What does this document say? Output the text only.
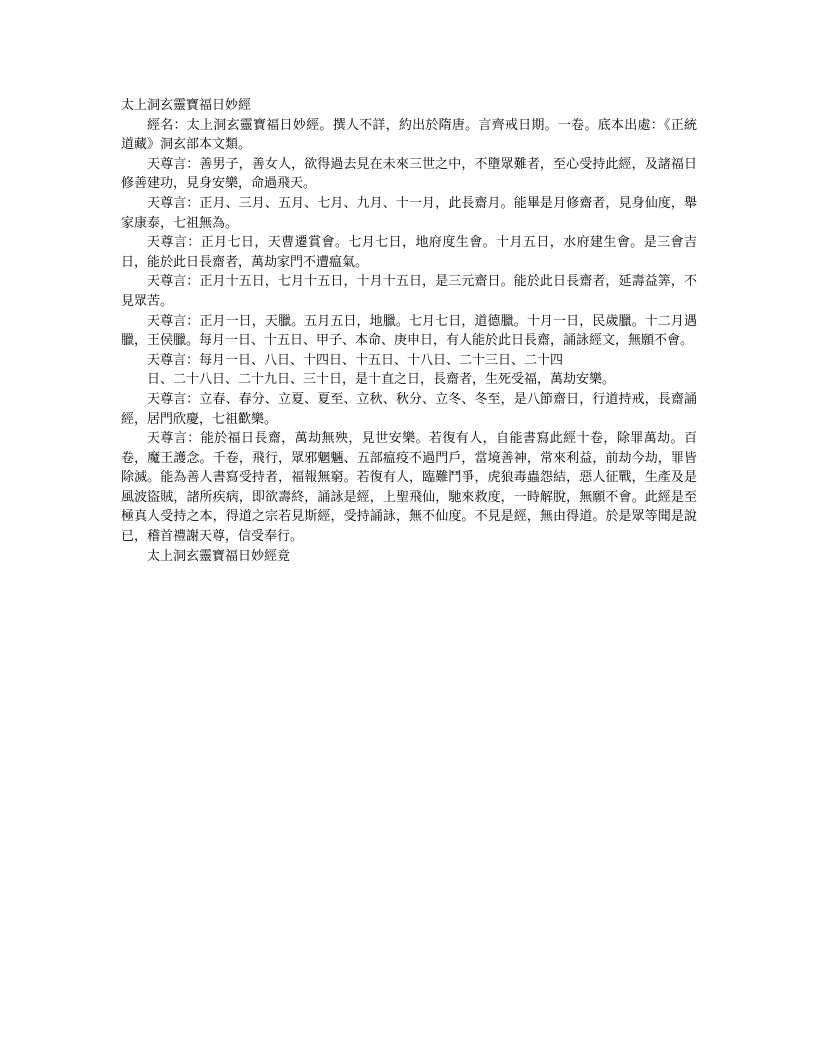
太上洞玄靈寶福日妙經

經名：太上洞玄靈寶福日妙經。撰人不詳，約出於隋唐。言齊戒日期。一卷。底本出處：《正統道藏》洞玄部本文類。

天尊言：善男子，善女人，欲得過去見在未來三世之中，不墮眾難者，至心受持此經，及諸福日修善建功，見身安樂，命過飛天。

天尊言：正月、三月、五月、七月、九月、十一月，此長齋月。能畢是月修齋者，見身仙度，舉家康泰，七祖無為。

天尊言：正月七日，天曹遷賞會。七月七日，地府度生會。十月五日，水府建生會。是三會吉日，能於此日長齋者，萬劫家門不遭瘟氣。

天尊言：正月十五日，七月十五日，十月十五日，是三元齋日。能於此日長齋者，延壽益筭，不見眾苦。

天尊言：正月一日，天臘。五月五日，地臘。七月七日，道德臘。十月一日，民歲臘。十二月遇臘，王侯臘。每月一日、十五日、甲子、本命、庚申日，有人能於此日長齋，誦詠經文，無願不會。

天尊言：每月一日、八日、十四日、十五日、十八日、二十三日、二十四

日、二十八日、二十九日、三十日，是十直之日，長齋者，生死受福，萬劫安樂。

天尊言：立春、春分、立夏、夏至、立秋、秋分、立冬、冬至，是八節齋日，行道持戒，長齋誦經，居門欣慶，七祖歡樂。

天尊言：能於福日長齋，萬劫無殃，見世安樂。若復有人，自能書寫此經十卷，除罪萬劫。百卷，魔王護念。千卷，飛行，眾邪魍魎、五部瘟疫不過門戶，當境善神，常來利益，前劫今劫，罪皆除滅。能為善人書寫受持者，福報無窮。若復有人，臨難鬥爭，虎狼毒蟲怨結，惡人征戰，生產及是風波盜賊，諸所疾病，即欲壽終，誦詠是經，上聖飛仙，馳來救度，一時解脫，無願不會。此經是至極真人受持之本，得道之宗若見斯經，受持誦詠，無不仙度。不見是經，無由得道。於是眾等聞是說已，稽首禮謝天尊，信受奉行。

太上洞玄靈寶福日妙經竟
